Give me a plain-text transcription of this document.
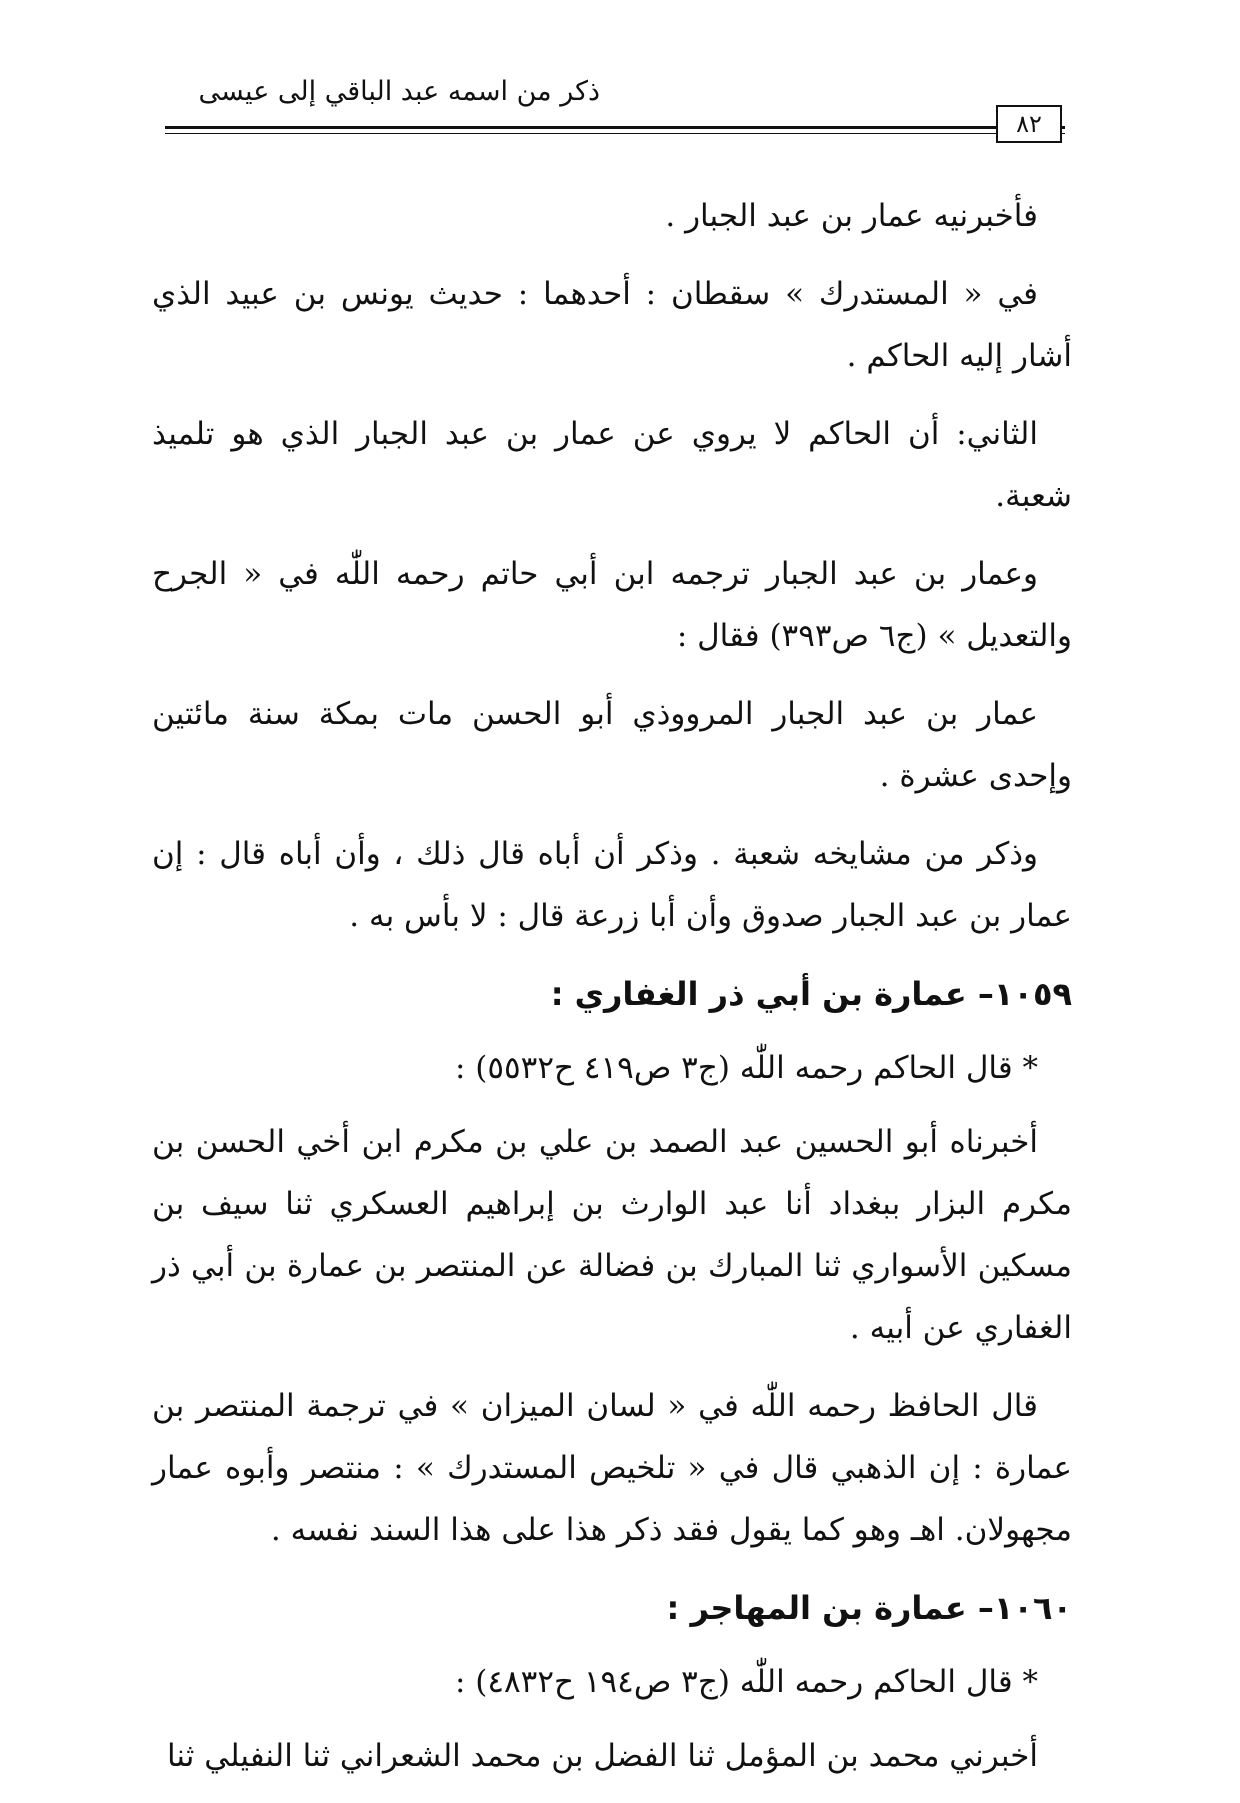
ذكر من اسمه عبد الباقي إلى عيسى
٨٢

فأخبرنيه عمار بن عبد الجبار .

في « المستدرك » سقطان : أحدهما : حديث يونس بن عبيد الذي أشار إليه الحاكم .

الثاني: أن الحاكم لا يروي عن عمار بن عبد الجبار الذي هو تلميذ شعبة.

وعمار بن عبد الجبار ترجمه ابن أبي حاتم رحمه اللّٰه في « الجرح والتعديل » (ج٦ ص٣٩٣) فقال :

عمار بن عبد الجبار المرووذي أبو الحسن مات بمكة سنة مائتين وإحدى عشرة .

وذكر من مشايخه شعبة . وذكر أن أباه قال ذلك ، وأن أباه قال : إن عمار بن عبد الجبار صدوق وأن أبا زرعة قال : لا بأس به .

١٠٥٩– عمارة بن أبي ذر الغفاري :

* قال الحاكم رحمه اللّٰه (ج٣ ص٤١٩ ح٥٥٣٢) :

أخبرناه أبو الحسين عبد الصمد بن علي بن مكرم ابن أخي الحسن بن مكرم البزار ببغداد أنا عبد الوارث بن إبراهيم العسكري ثنا سيف بن مسكين الأسواري ثنا المبارك بن فضالة عن المنتصر بن عمارة بن أبي ذر الغفاري عن أبيه .

قال الحافظ رحمه اللّٰه في « لسان الميزان » في ترجمة المنتصر بن عمارة : إن الذهبي قال في « تلخيص المستدرك » : منتصر وأبوه عمار مجهولان. اهـ وهو كما يقول فقد ذكر هذا على هذا السند نفسه .

١٠٦٠– عمارة بن المهاجر :

* قال الحاكم رحمه اللّٰه (ج٣ ص١٩٤ ح٤٨٣٢) :

أخبرني محمد بن المؤمل ثنا الفضل بن محمد الشعراني ثنا النفيلي ثنا
